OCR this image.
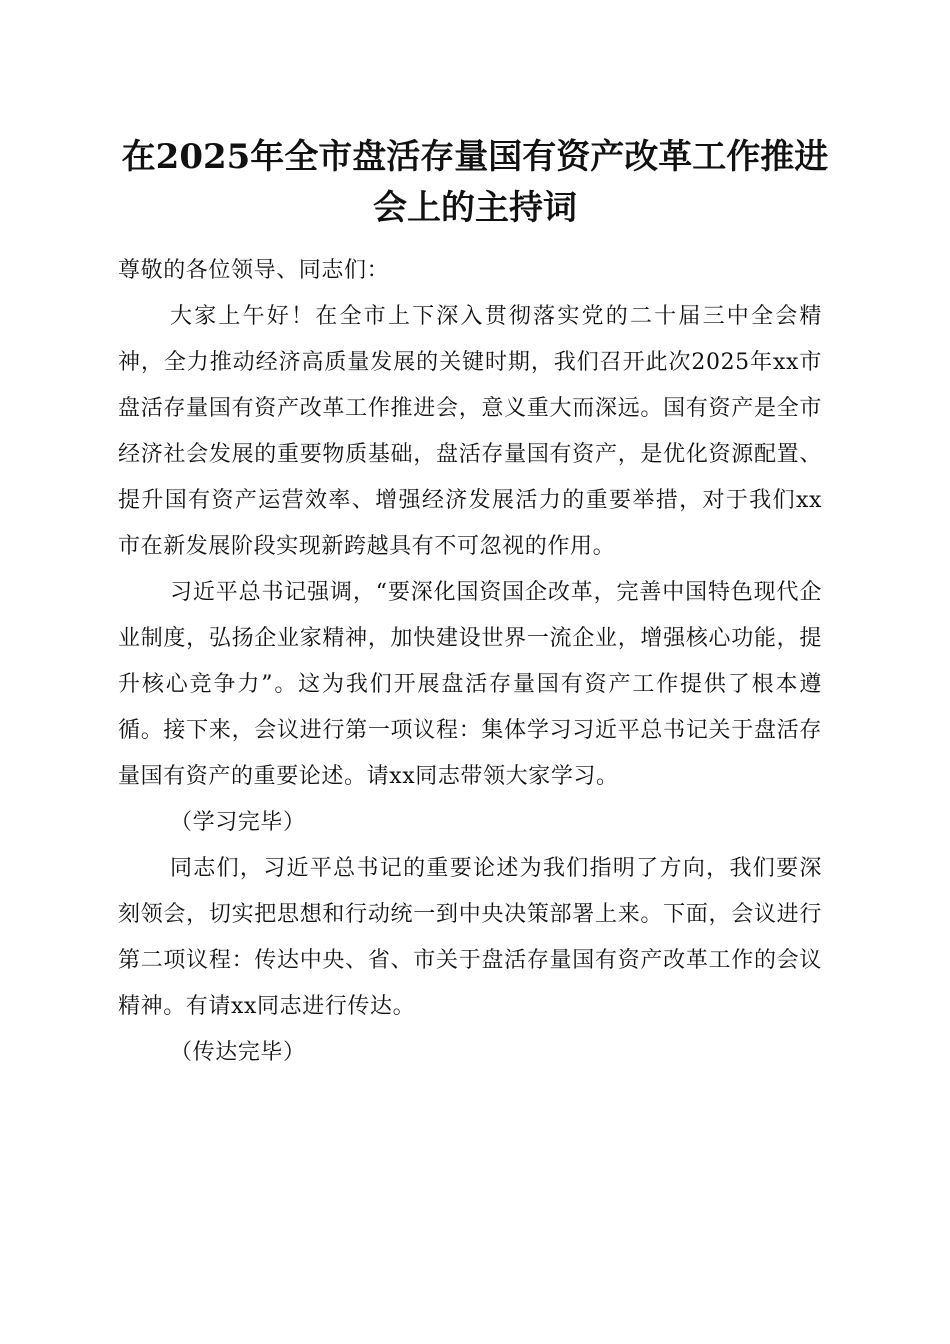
在2025年全市盘活存量国有资产改革工作推进会上的主持词

尊敬的各位领导、同志们：

大家上午好！在全市上下深入贯彻落实党的二十届三中全会精神，全力推动经济高质量发展的关键时期，我们召开此次2025年xx市盘活存量国有资产改革工作推进会，意义重大而深远。国有资产是全市经济社会发展的重要物质基础，盘活存量国有资产，是优化资源配置、提升国有资产运营效率、增强经济发展活力的重要举措，对于我们xx市在新发展阶段实现新跨越具有不可忽视的作用。

习近平总书记强调，“要深化国资国企改革，完善中国特色现代企业制度，弘扬企业家精神，加快建设世界一流企业，增强核心功能，提升核心竞争力”。这为我们开展盘活存量国有资产工作提供了根本遵循。接下来，会议进行第一项议程：集体学习习近平总书记关于盘活存量国有资产的重要论述。请xx同志带领大家学习。

（学习完毕）

同志们，习近平总书记的重要论述为我们指明了方向，我们要深刻领会，切实把思想和行动统一到中央决策部署上来。下面，会议进行第二项议程：传达中央、省、市关于盘活存量国有资产改革工作的会议精神。有请xx同志进行传达。

（传达完毕）
